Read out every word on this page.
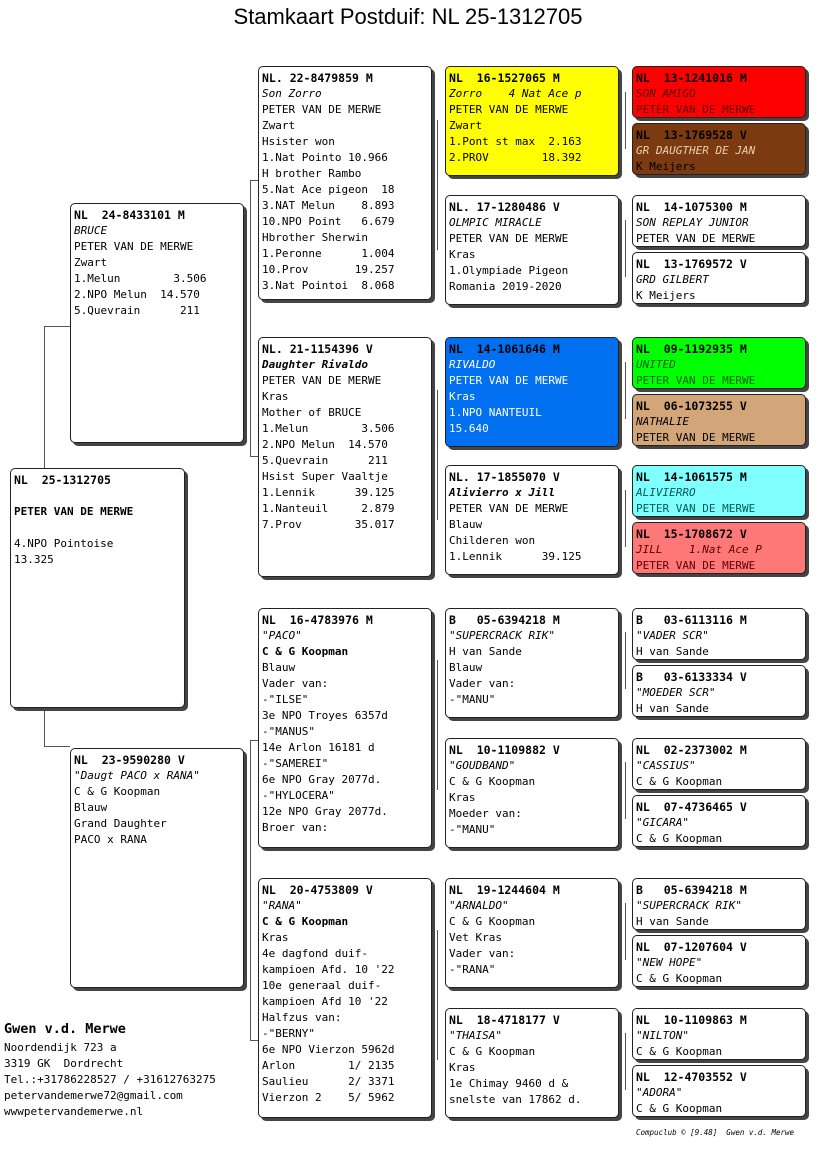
Stamkaart Postduif: NL 25-1312705
NL  25-1312705

PETER VAN DE MERWE

4.NPO Pointoise
13.325
NL  24-8433101 M
BRUCE
PETER VAN DE MERWE
Zwart
1.Melun        3.506
2.NPO Melun  14.570
5.Quevrain      211
NL  23-9590280 V
"Daugt PACO x RANA"
C & G Koopman
Blauw
Grand Daughter
PACO x RANA
NL. 22-8479859 M
Son Zorro
PETER VAN DE MERWE
Zwart
Hsister won
1.Nat Pointo 10.966
H brother Rambo
5.Nat Ace pigeon  18
3.NAT Melun    8.893
10.NPO Point   6.679
Hbrother Sherwin
1.Peronne      1.004
10.Prov       19.257
3.Nat Pointoi  8.068
NL. 21-1154396 V
Daughter Rivaldo
PETER VAN DE MERWE
Kras
Mother of BRUCE
1.Melun        3.506
2.NPO Melun  14.570
5.Quevrain      211
Hsist Super Vaaltje
1.Lennik      39.125
1.Nanteuil     2.879
7.Prov        35.017
NL  16-4783976 M
"PACO"
C & G Koopman
Blauw
Vader van:
-"ILSE"
3e NPO Troyes 6357d
-"MANUS"
14e Arlon 16181 d
-"SAMEREI"
6e NPO Gray 2077d.
-"HYLOCERA"
12e NPO Gray 2077d.
Broer van:
NL  20-4753809 V
"RANA"
C & G Koopman
Kras
4e dagfond duif-
kampioen Afd. 10 '22
10e generaal duif-
kampioen Afd 10 '22
Halfzus van:
-"BERNY"
6e NPO Vierzon 5962d
Arlon        1/ 2135
Saulieu      2/ 3371
Vierzon 2    5/ 5962
NL  16-1527065 M
Zorro    4 Nat Ace p
PETER VAN DE MERWE
Zwart
1.Pont st max  2.163
2.PROV        18.392
NL. 17-1280486 V
OLMPIC MIRACLE
PETER VAN DE MERWE
Kras
1.Olympiade Pigeon
Romania 2019-2020
NL  14-1061646 M
RIVALDO
PETER VAN DE MERWE
Kras
1.NPO NANTEUIL
15.640
NL. 17-1855070 V
Alivierro x Jill
PETER VAN DE MERWE
Blauw
Childeren won
1.Lennik      39.125
B   05-6394218 M
"SUPERCRACK RIK"
H van Sande
Blauw
Vader van:
-"MANU"
NL  10-1109882 V
"GOUDBAND"
C & G Koopman
Kras
Moeder van:
-"MANU"
NL  19-1244604 M
"ARNALDO"
C & G Koopman
Vet Kras
Vader van:
-"RANA"
NL  18-4718177 V
"THAISA"
C & G Koopman
Kras
1e Chimay 9460 d &
snelste van 17862 d.
NL  13-1241016 M
SON AMIGO
PETER VAN DE MERWE
NL  13-1769528 V
GR DAUGTHER DE JAN
K Meijers
NL  14-1075300 M
SON REPLAY JUNIOR
PETER VAN DE MERWE
NL  13-1769572 V
GRD GILBERT
K Meijers
NL  09-1192935 M
UNITED
PETER VAN DE MERWE
NL  06-1073255 V
NATHALIE
PETER VAN DE MERWE
NL  14-1061575 M
ALIVIERRO
PETER VAN DE MERWE
NL  15-1708672 V
JILL    1.Nat Ace P
PETER VAN DE MERWE
B   03-6113116 M
"VADER SCR"
H van Sande
B   03-6133334 V
"MOEDER SCR"
H van Sande
NL  02-2373002 M
"CASSIUS"
C & G Koopman
NL  07-4736465 V
"GICARA"
C & G Koopman
B   05-6394218 M
"SUPERCRACK RIK"
H van Sande
NL  07-1207604 V
"NEW HOPE"
C & G Koopman
NL  10-1109863 M
"NILTON"
C & G Koopman
NL  12-4703552 V
"ADORA"
C & G Koopman
Gwen v.d. Merwe
Noordendijk 723 a
3319 GK  Dordrecht
Tel.:+31786228527 / +31612763275
petervandemerwe72@gmail.com
wwwpetervandemerwe.nl
Compuclub © [9.48]  Gwen v.d. Merwe
